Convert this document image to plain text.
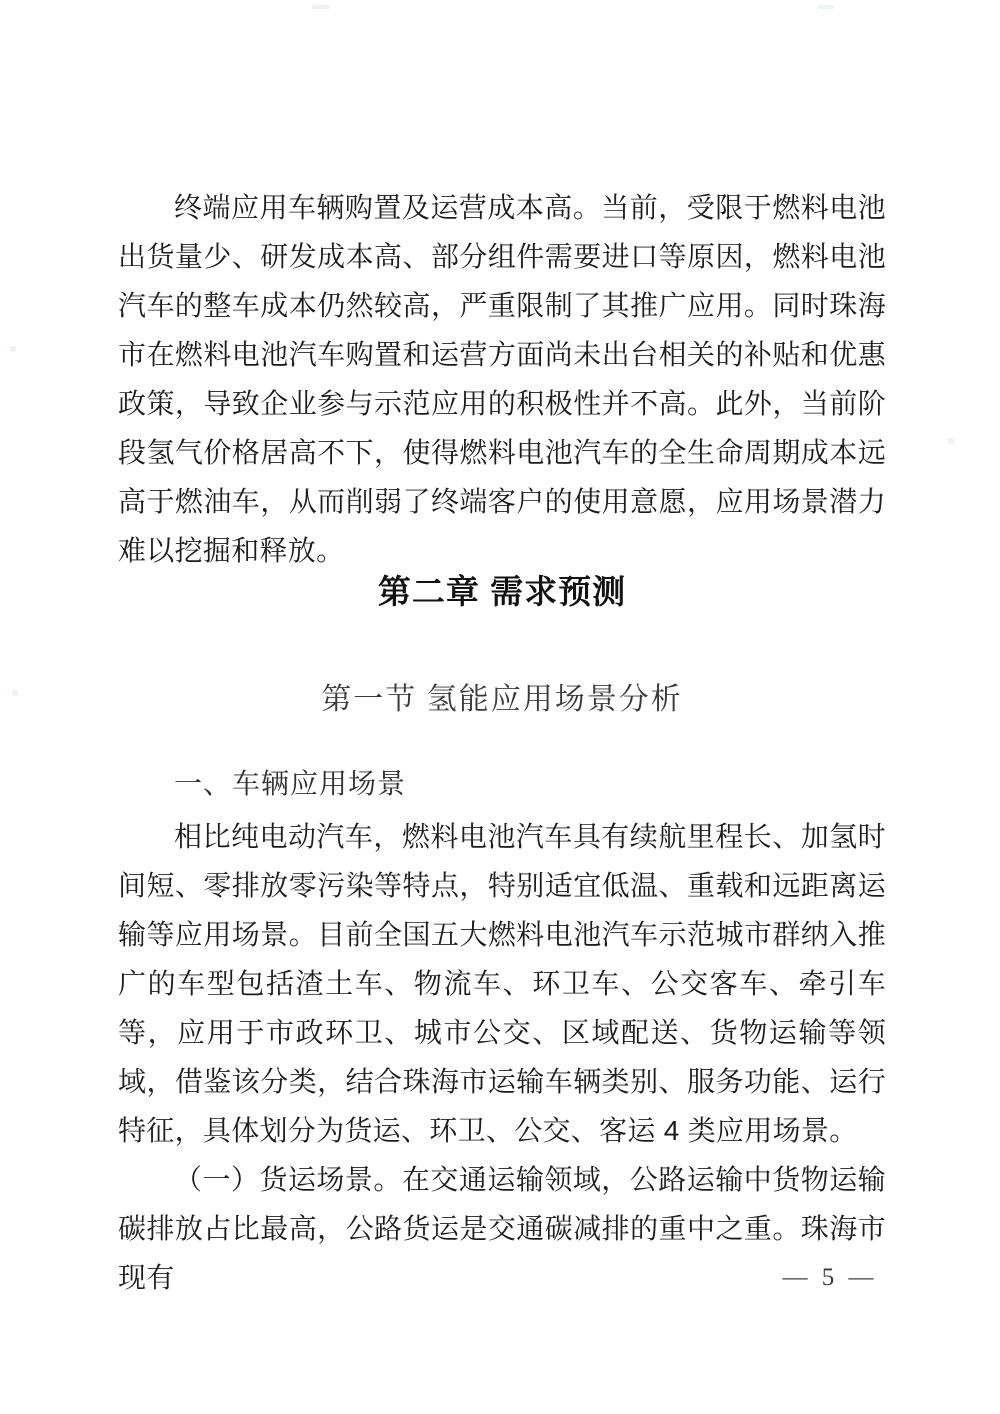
终端应用车辆购置及运营成本高。当前，受限于燃料电池出货量少、研发成本高、部分组件需要进口等原因，燃料电池汽车的整车成本仍然较高，严重限制了其推广应用。同时珠海市在燃料电池汽车购置和运营方面尚未出台相关的补贴和优惠政策，导致企业参与示范应用的积极性并不高。此外，当前阶段氢气价格居高不下，使得燃料电池汽车的全生命周期成本远高于燃油车，从而削弱了终端客户的使用意愿，应用场景潜力难以挖掘和释放。

第二章 需求预测
第一节 氢能应用场景分析
一、车辆应用场景

相比纯电动汽车，燃料电池汽车具有续航里程长、加氢时间短、零排放零污染等特点，特别适宜低温、重载和远距离运输等应用场景。目前全国五大燃料电池汽车示范城市群纳入推广的车型包括渣土车、物流车、环卫车、公交客车、牵引车等，应用于市政环卫、城市公交、区域配送、货物运输等领域，借鉴该分类，结合珠海市运输车辆类别、服务功能、运行特征，具体划分为货运、环卫、公交、客运 4 类应用场景。

（一）货运场景。在交通运输领域，公路运输中货物运输碳排放占比最高，公路货运是交通碳减排的重中之重。珠海市现有	— 5 —
